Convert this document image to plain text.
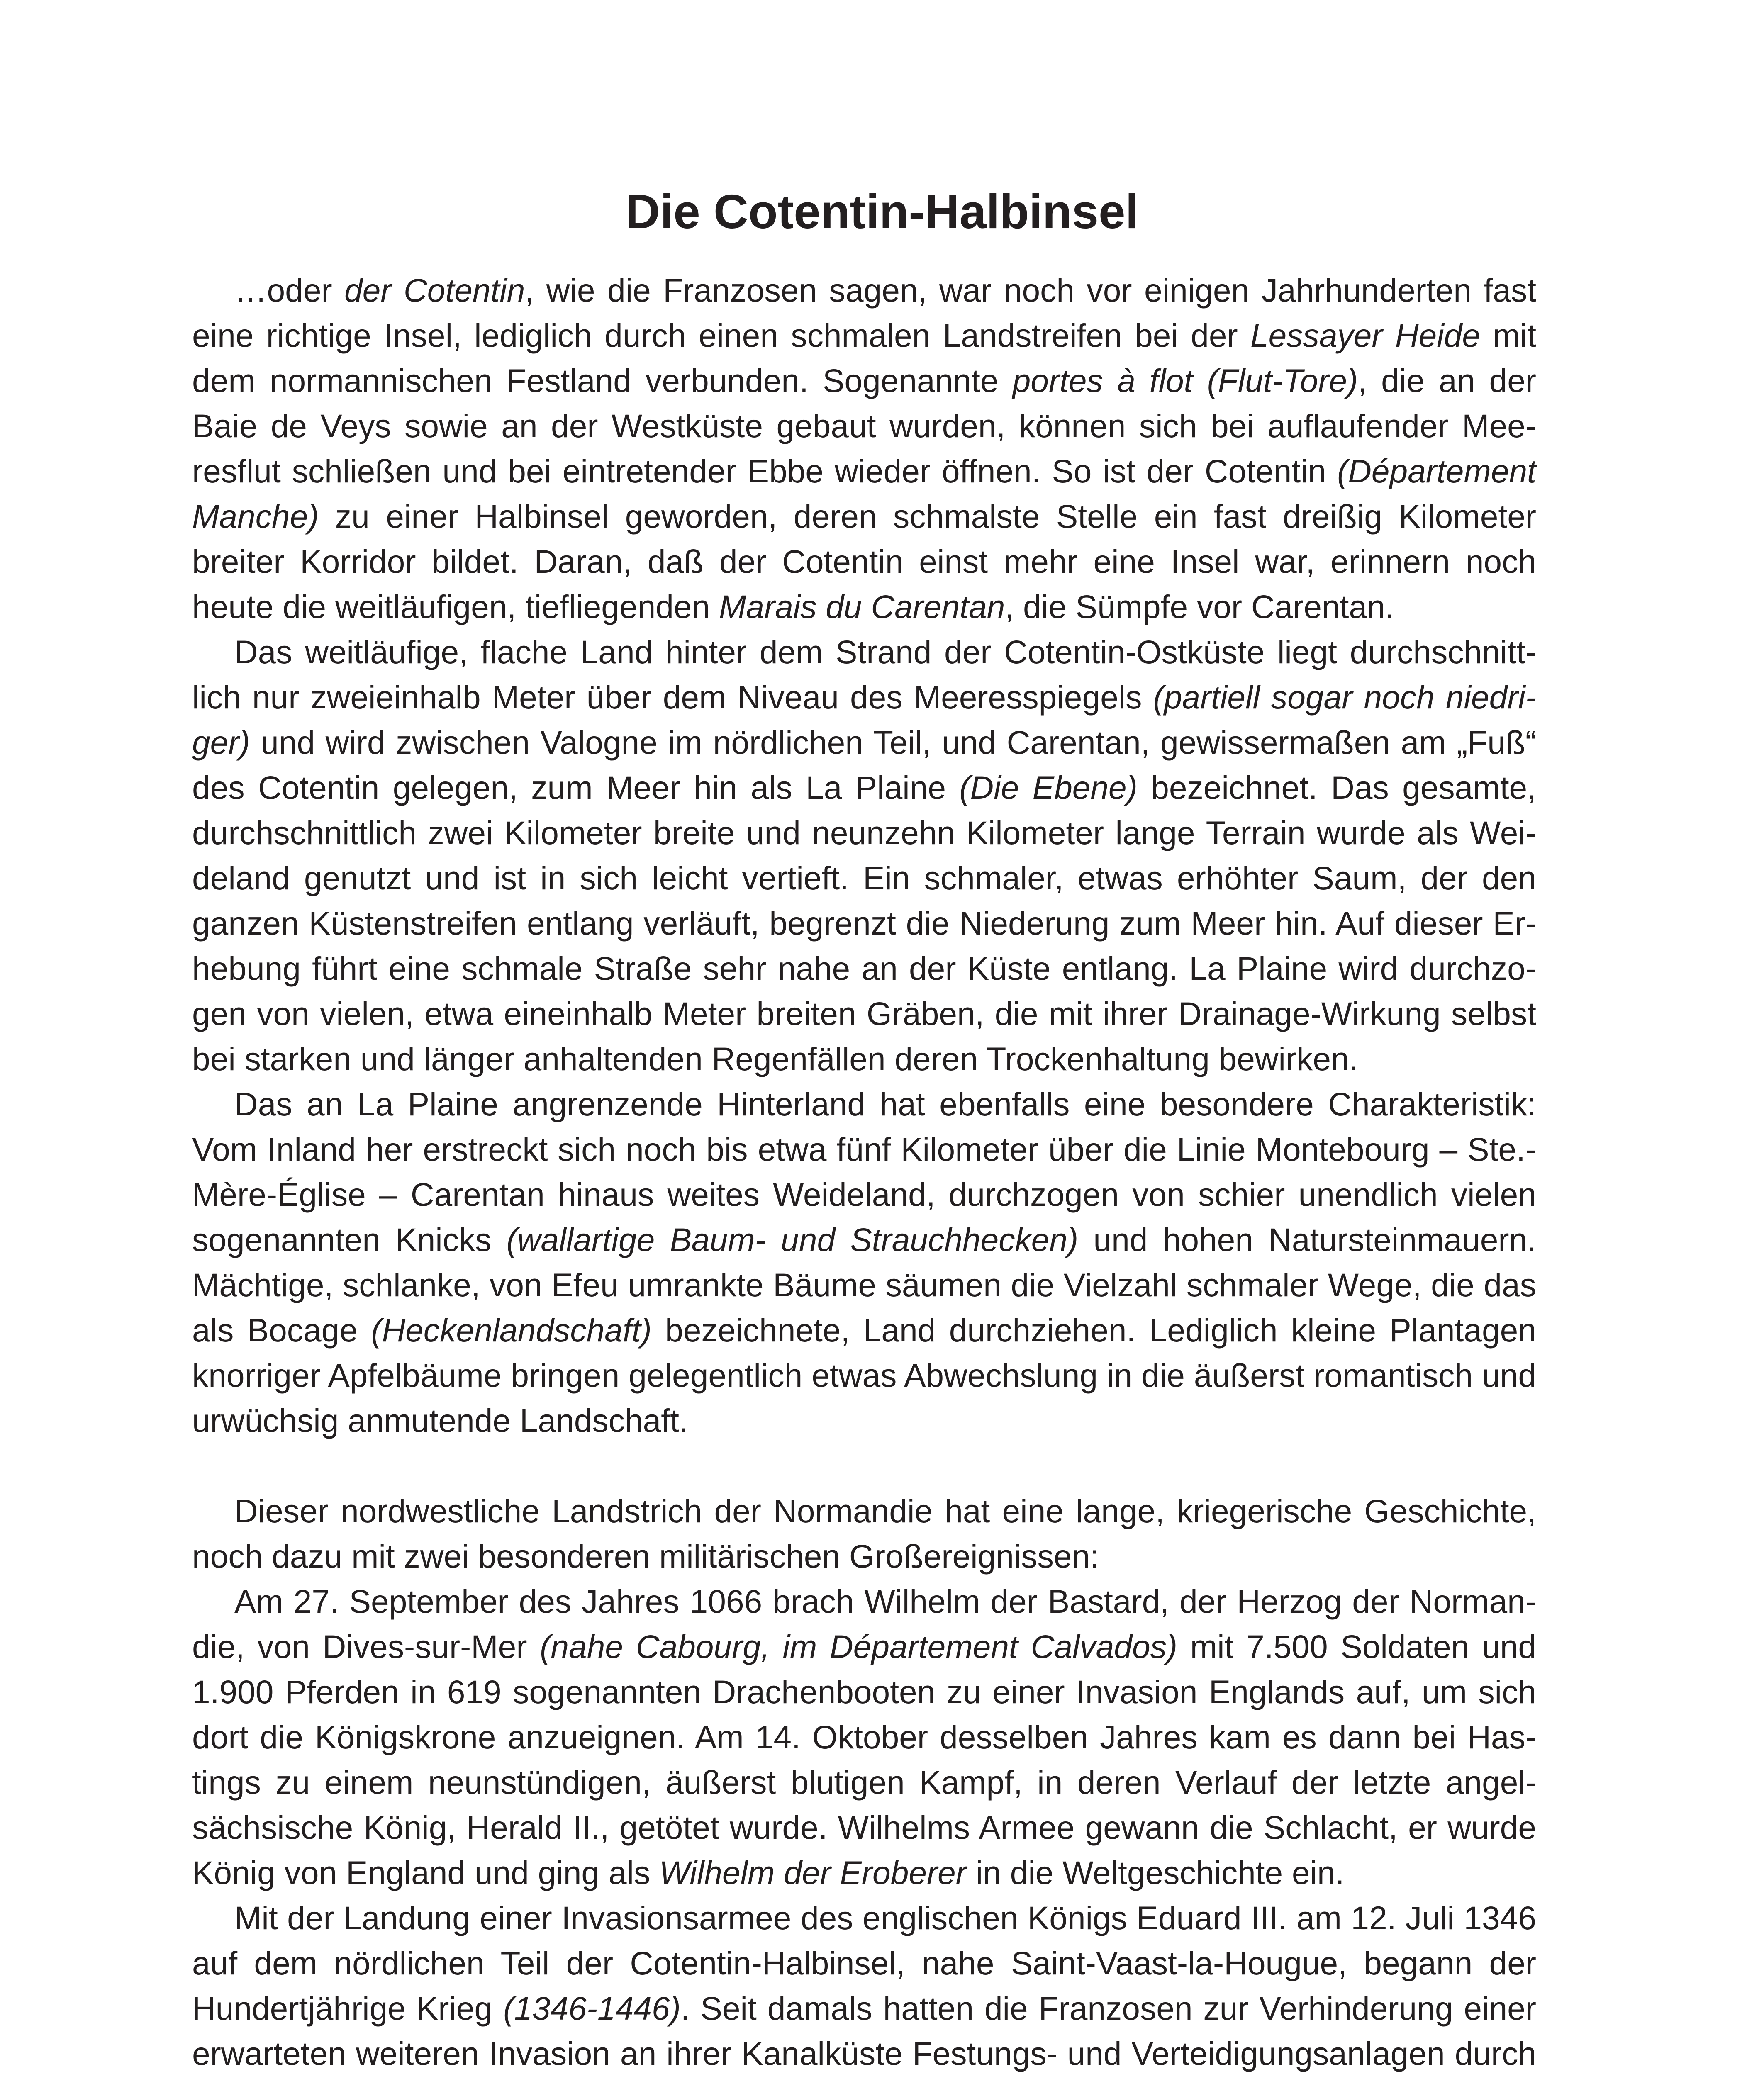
Die Cotentin-Halbinsel

…oder der Cotentin, wie die Franzosen sagen, war noch vor einigen Jahrhunderten fast eine richtige Insel, lediglich durch einen schmalen Landstreifen bei der Lessayer Heide mit dem normannischen Festland verbunden. Sogenannte portes à flot (Flut-Tore), die an der Baie de Veys sowie an der Westküste gebaut wurden, können sich bei auflaufender Meeresflut schließen und bei eintretender Ebbe wieder öffnen. So ist der Cotentin (Département Manche) zu einer Halbinsel geworden, deren schmalste Stelle ein fast dreißig Kilometer breiter Korridor bildet. Daran, daß der Cotentin einst mehr eine Insel war, erinnern noch heute die weitläufigen, tiefliegenden Marais du Carentan, die Sümpfe vor Carentan.

Das weitläufige, flache Land hinter dem Strand der Cotentin-Ostküste liegt durchschnittlich nur zweieinhalb Meter über dem Niveau des Meeresspiegels (partiell sogar noch niedriger) und wird zwischen Valogne im nördlichen Teil, und Carentan, gewissermaßen am „Fuß“ des Cotentin gelegen, zum Meer hin als La Plaine (Die Ebene) bezeichnet. Das gesamte, durchschnittlich zwei Kilometer breite und neunzehn Kilometer lange Terrain wurde als Weideland genutzt und ist in sich leicht vertieft. Ein schmaler, etwas erhöhter Saum, der den ganzen Küstenstreifen entlang verläuft, begrenzt die Niederung zum Meer hin. Auf dieser Erhebung führt eine schmale Straße sehr nahe an der Küste entlang. La Plaine wird durchzogen von vielen, etwa eineinhalb Meter breiten Gräben, die mit ihrer Drainage-Wirkung selbst bei starken und länger anhaltenden Regenfällen deren Trockenhaltung bewirken.

Das an La Plaine angrenzende Hinterland hat ebenfalls eine besondere Charakteristik: Vom Inland her erstreckt sich noch bis etwa fünf Kilometer über die Linie Montebourg – Ste.-Mère-Église – Carentan hinaus weites Weideland, durchzogen von schier unendlich vielen sogenannten Knicks (wallartige Baum- und Strauchhecken) und hohen Natursteinmauern. Mächtige, schlanke, von Efeu umrankte Bäume säumen die Vielzahl schmaler Wege, die das als Bocage (Heckenlandschaft) bezeichnete, Land durchziehen. Lediglich kleine Plantagen knorriger Apfelbäume bringen gelegentlich etwas Abwechslung in die äußerst romantisch und urwüchsig anmutende Landschaft.

Dieser nordwestliche Landstrich der Normandie hat eine lange, kriegerische Geschichte, noch dazu mit zwei besonderen militärischen Großereignissen:

Am 27. September des Jahres 1066 brach Wilhelm der Bastard, der Herzog der Normandie, von Dives-sur-Mer (nahe Cabourg, im Département Calvados) mit 7.500 Soldaten und 1.900 Pferden in 619 sogenannten Drachenbooten zu einer Invasion Englands auf, um sich dort die Königskrone anzueignen. Am 14. Oktober desselben Jahres kam es dann bei Hastings zu einem neunstündigen, äußerst blutigen Kampf, in deren Verlauf der letzte angelsächsische König, Herald II., getötet wurde. Wilhelms Armee gewann die Schlacht, er wurde König von England und ging als Wilhelm der Eroberer in die Weltgeschichte ein.

Mit der Landung einer Invasionsarmee des englischen Königs Eduard III. am 12. Juli 1346 auf dem nördlichen Teil der Cotentin-Halbinsel, nahe Saint-Vaast-la-Hougue, begann der Hundertjährige Krieg (1346-1446). Seit damals hatten die Franzosen zur Verhinderung einer erwarteten weiteren Invasion an ihrer Kanalküste Festungs- und Verteidigungsanlagen durch
